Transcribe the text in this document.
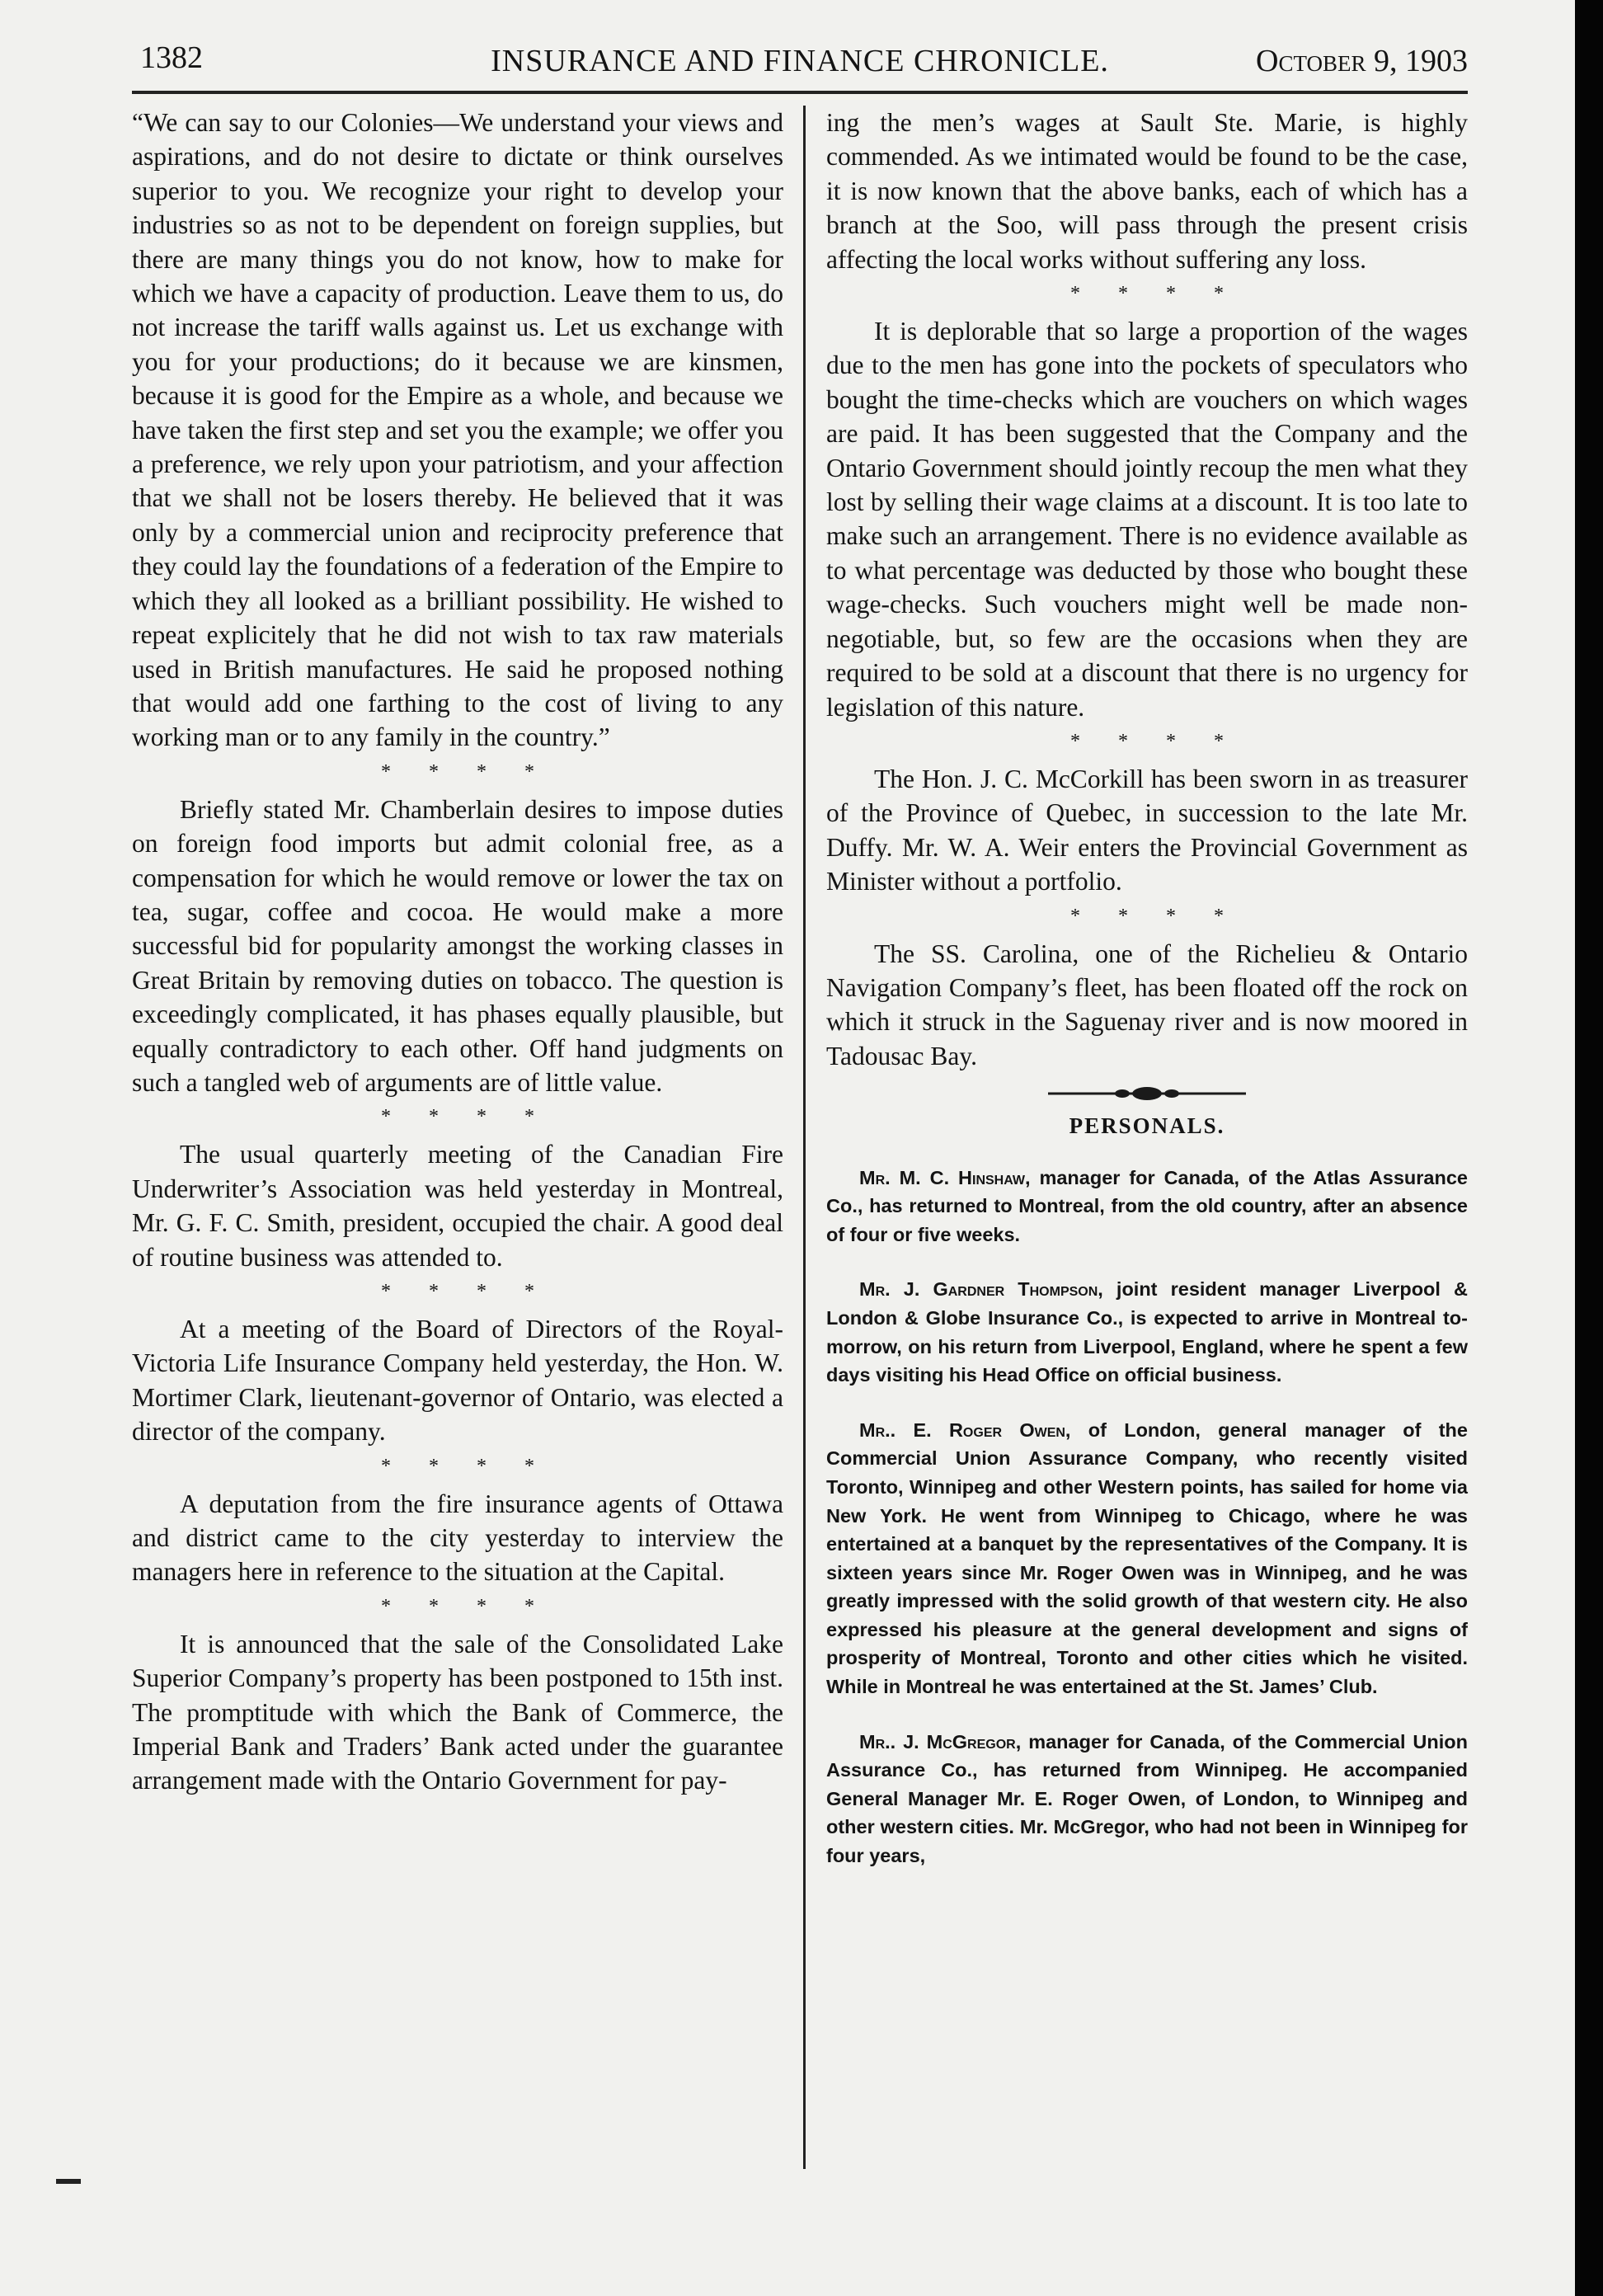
1382	INSURANCE AND FINANCE CHRONICLE.	October 9, 1903

“We can say to our Colonies—We understand your views and aspirations, and do not desire to dictate or think ourselves superior to you. We recognize your right to develop your industries so as not to be dependent on foreign supplies, but there are many things you do not know, how to make for which we have a capacity of production. Leave them to us, do not increase the tariff walls against us. Let us exchange with you for your productions; do it because we are kinsmen, because it is good for the Empire as a whole, and because we have taken the first step and set you the example; we offer you a preference, we rely upon your patriotism, and your affection that we shall not be losers thereby. He believed that it was only by a commercial union and reciprocity preference that they could lay the foundations of a federation of the Empire to which they all looked as a brilliant possibility. He wished to repeat explicitely that he did not wish to tax raw materials used in British manufactures. He said he proposed nothing that would add one farthing to the cost of living to any working man or to any family in the country.”

* * * *

Briefly stated Mr. Chamberlain desires to impose duties on foreign food imports but admit colonial free, as a compensation for which he would remove or lower the tax on tea, sugar, coffee and cocoa. He would make a more successful bid for popularity amongst the working classes in Great Britain by removing duties on tobacco. The question is exceedingly complicated, it has phases equally plausible, but equally contradictory to each other. Off hand judgments on such a tangled web of arguments are of little value.

* * * *

The usual quarterly meeting of the Canadian Fire Underwriter’s Association was held yesterday in Montreal, Mr. G. F. C. Smith, president, occupied the chair. A good deal of routine business was attended to.

* * * *

At a meeting of the Board of Directors of the Royal-Victoria Life Insurance Company held yesterday, the Hon. W. Mortimer Clark, lieutenant-governor of Ontario, was elected a director of the company.

* * * *

A deputation from the fire insurance agents of Ottawa and district came to the city yesterday to interview the managers here in reference to the situation at the Capital.

* * * *

It is announced that the sale of the Consolidated Lake Superior Company’s property has been postponed to 15th inst. The promptitude with which the Bank of Commerce, the Imperial Bank and Traders’ Bank acted under the guarantee arrangement made with the Ontario Government for pay-

ing the men’s wages at Sault Ste. Marie, is highly commended. As we intimated would be found to be the case, it is now known that the above banks, each of which has a branch at the Soo, will pass through the present crisis affecting the local works without suffering any loss.

* * * *

It is deplorable that so large a proportion of the wages due to the men has gone into the pockets of speculators who bought the time-checks which are vouchers on which wages are paid. It has been suggested that the Company and the Ontario Government should jointly recoup the men what they lost by selling their wage claims at a discount. It is too late to make such an arrangement. There is no evidence available as to what percentage was deducted by those who bought these wage-checks. Such vouchers might well be made non-negotiable, but, so few are the occasions when they are required to be sold at a discount that there is no urgency for legislation of this nature.

* * * *

The Hon. J. C. McCorkill has been sworn in as treasurer of the Province of Quebec, in succession to the late Mr. Duffy. Mr. W. A. Weir enters the Provincial Government as Minister without a portfolio.

* * * *

The SS. Carolina, one of the Richelieu & Ontario Navigation Company’s fleet, has been floated off the rock on which it struck in the Saguenay river and is now moored in Tadousac Bay.

PERSONALS.
Mr. M. C. Hinshaw, manager for Canada, of the Atlas Assurance Co., has returned to Montreal, from the old country, after an absence of four or five weeks.
Mr. J. Gardner Thompson, joint resident manager Liverpool & London & Globe Insurance Co., is expected to arrive in Montreal to-morrow, on his return from Liverpool, England, where he spent a few days visiting his Head Office on official business.
Mr.. E. Roger Owen, of London, general manager of the Commercial Union Assurance Company, who recently visited Toronto, Winnipeg and other Western points, has sailed for home via New York. He went from Winnipeg to Chicago, where he was entertained at a banquet by the representatives of the Company. It is sixteen years since Mr. Roger Owen was in Winnipeg, and he was greatly impressed with the solid growth of that western city. He also expressed his pleasure at the general development and signs of prosperity of Montreal, Toronto and other cities which he visited. While in Montreal he was entertained at the St. James’ Club.
Mr.. J. McGregor, manager for Canada, of the Commercial Union Assurance Co., has returned from Winnipeg. He accompanied General Manager Mr. E. Roger Owen, of London, to Winnipeg and other western cities. Mr. McGregor, who had not been in Winnipeg for four years,
